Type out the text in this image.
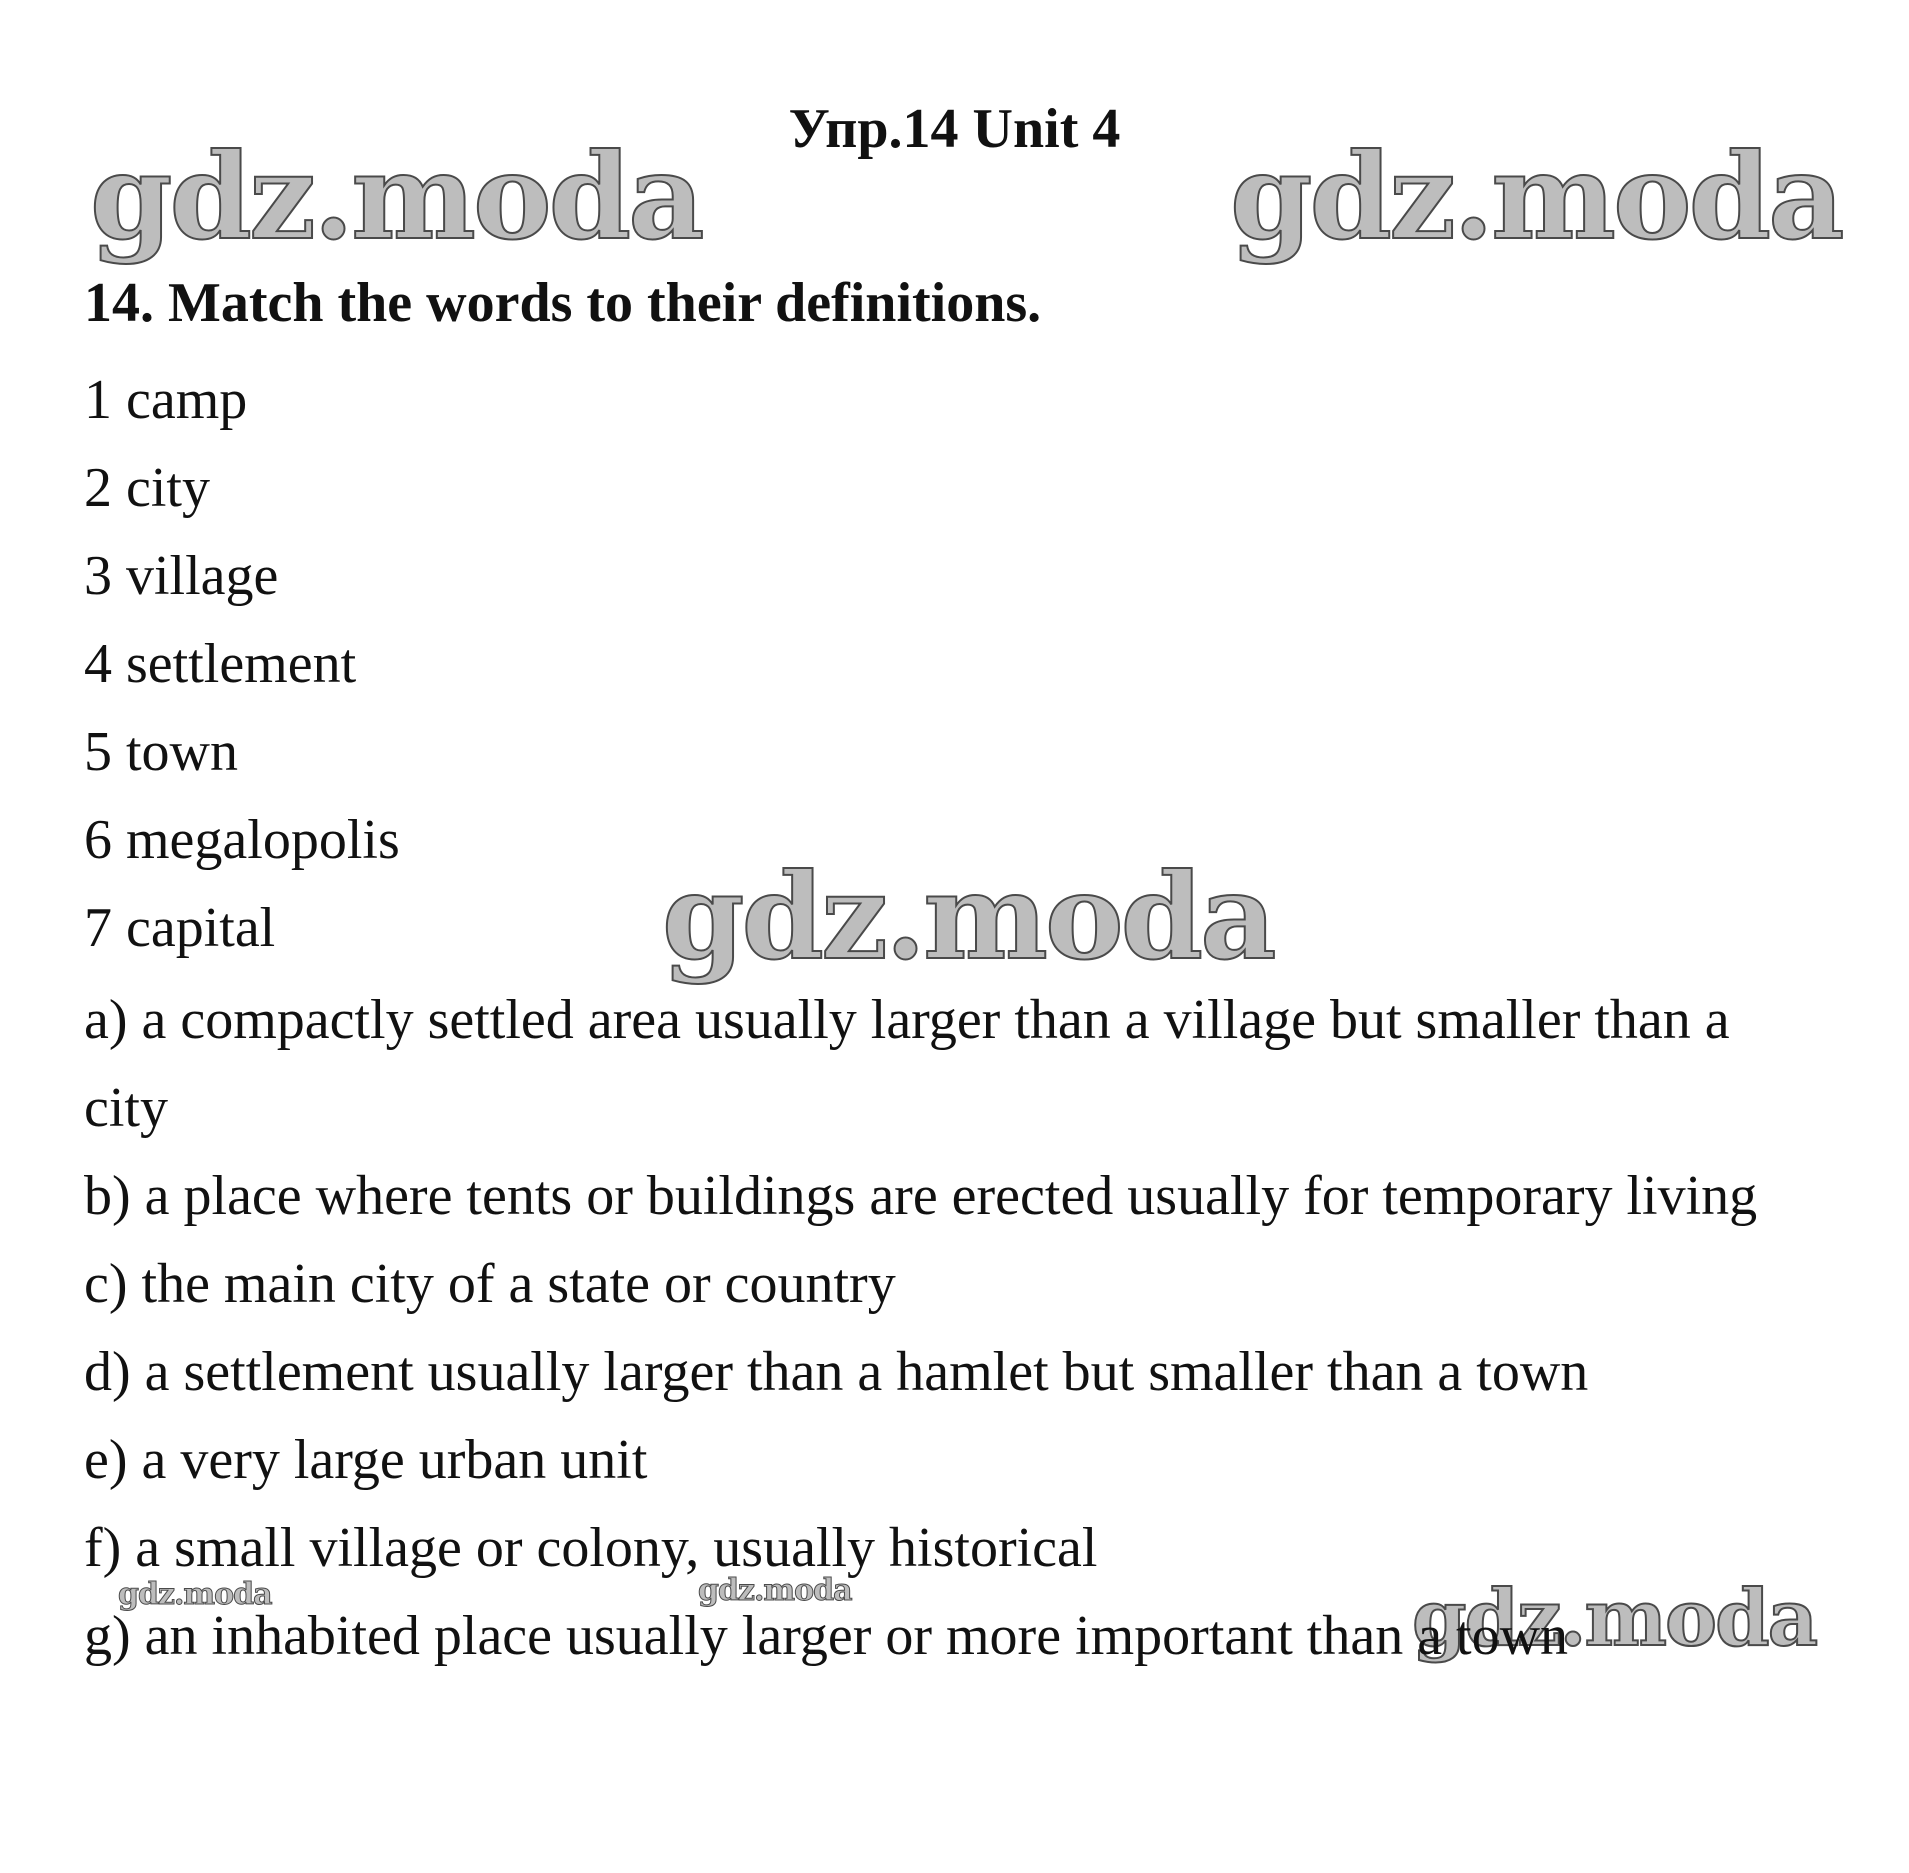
gdz.moda	gdz.moda
gdz.moda
gdz.moda	gdz.moda	gdz.moda
Упр.14 Unit 4
14. Match the words to their definitions.
1 camp
2 city
3 village
4 settlement
5 town
6 megalopolis
7 capital
a) a compactly settled area usually larger than a village but smaller than a city
b) a place where tents or buildings are erected usually for temporary living
c) the main city of a state or country
d) a settlement usually larger than a hamlet but smaller than a town
e) a very large urban unit
f) a small village or colony, usually historical
g) an inhabited place usually larger or more important than a town
